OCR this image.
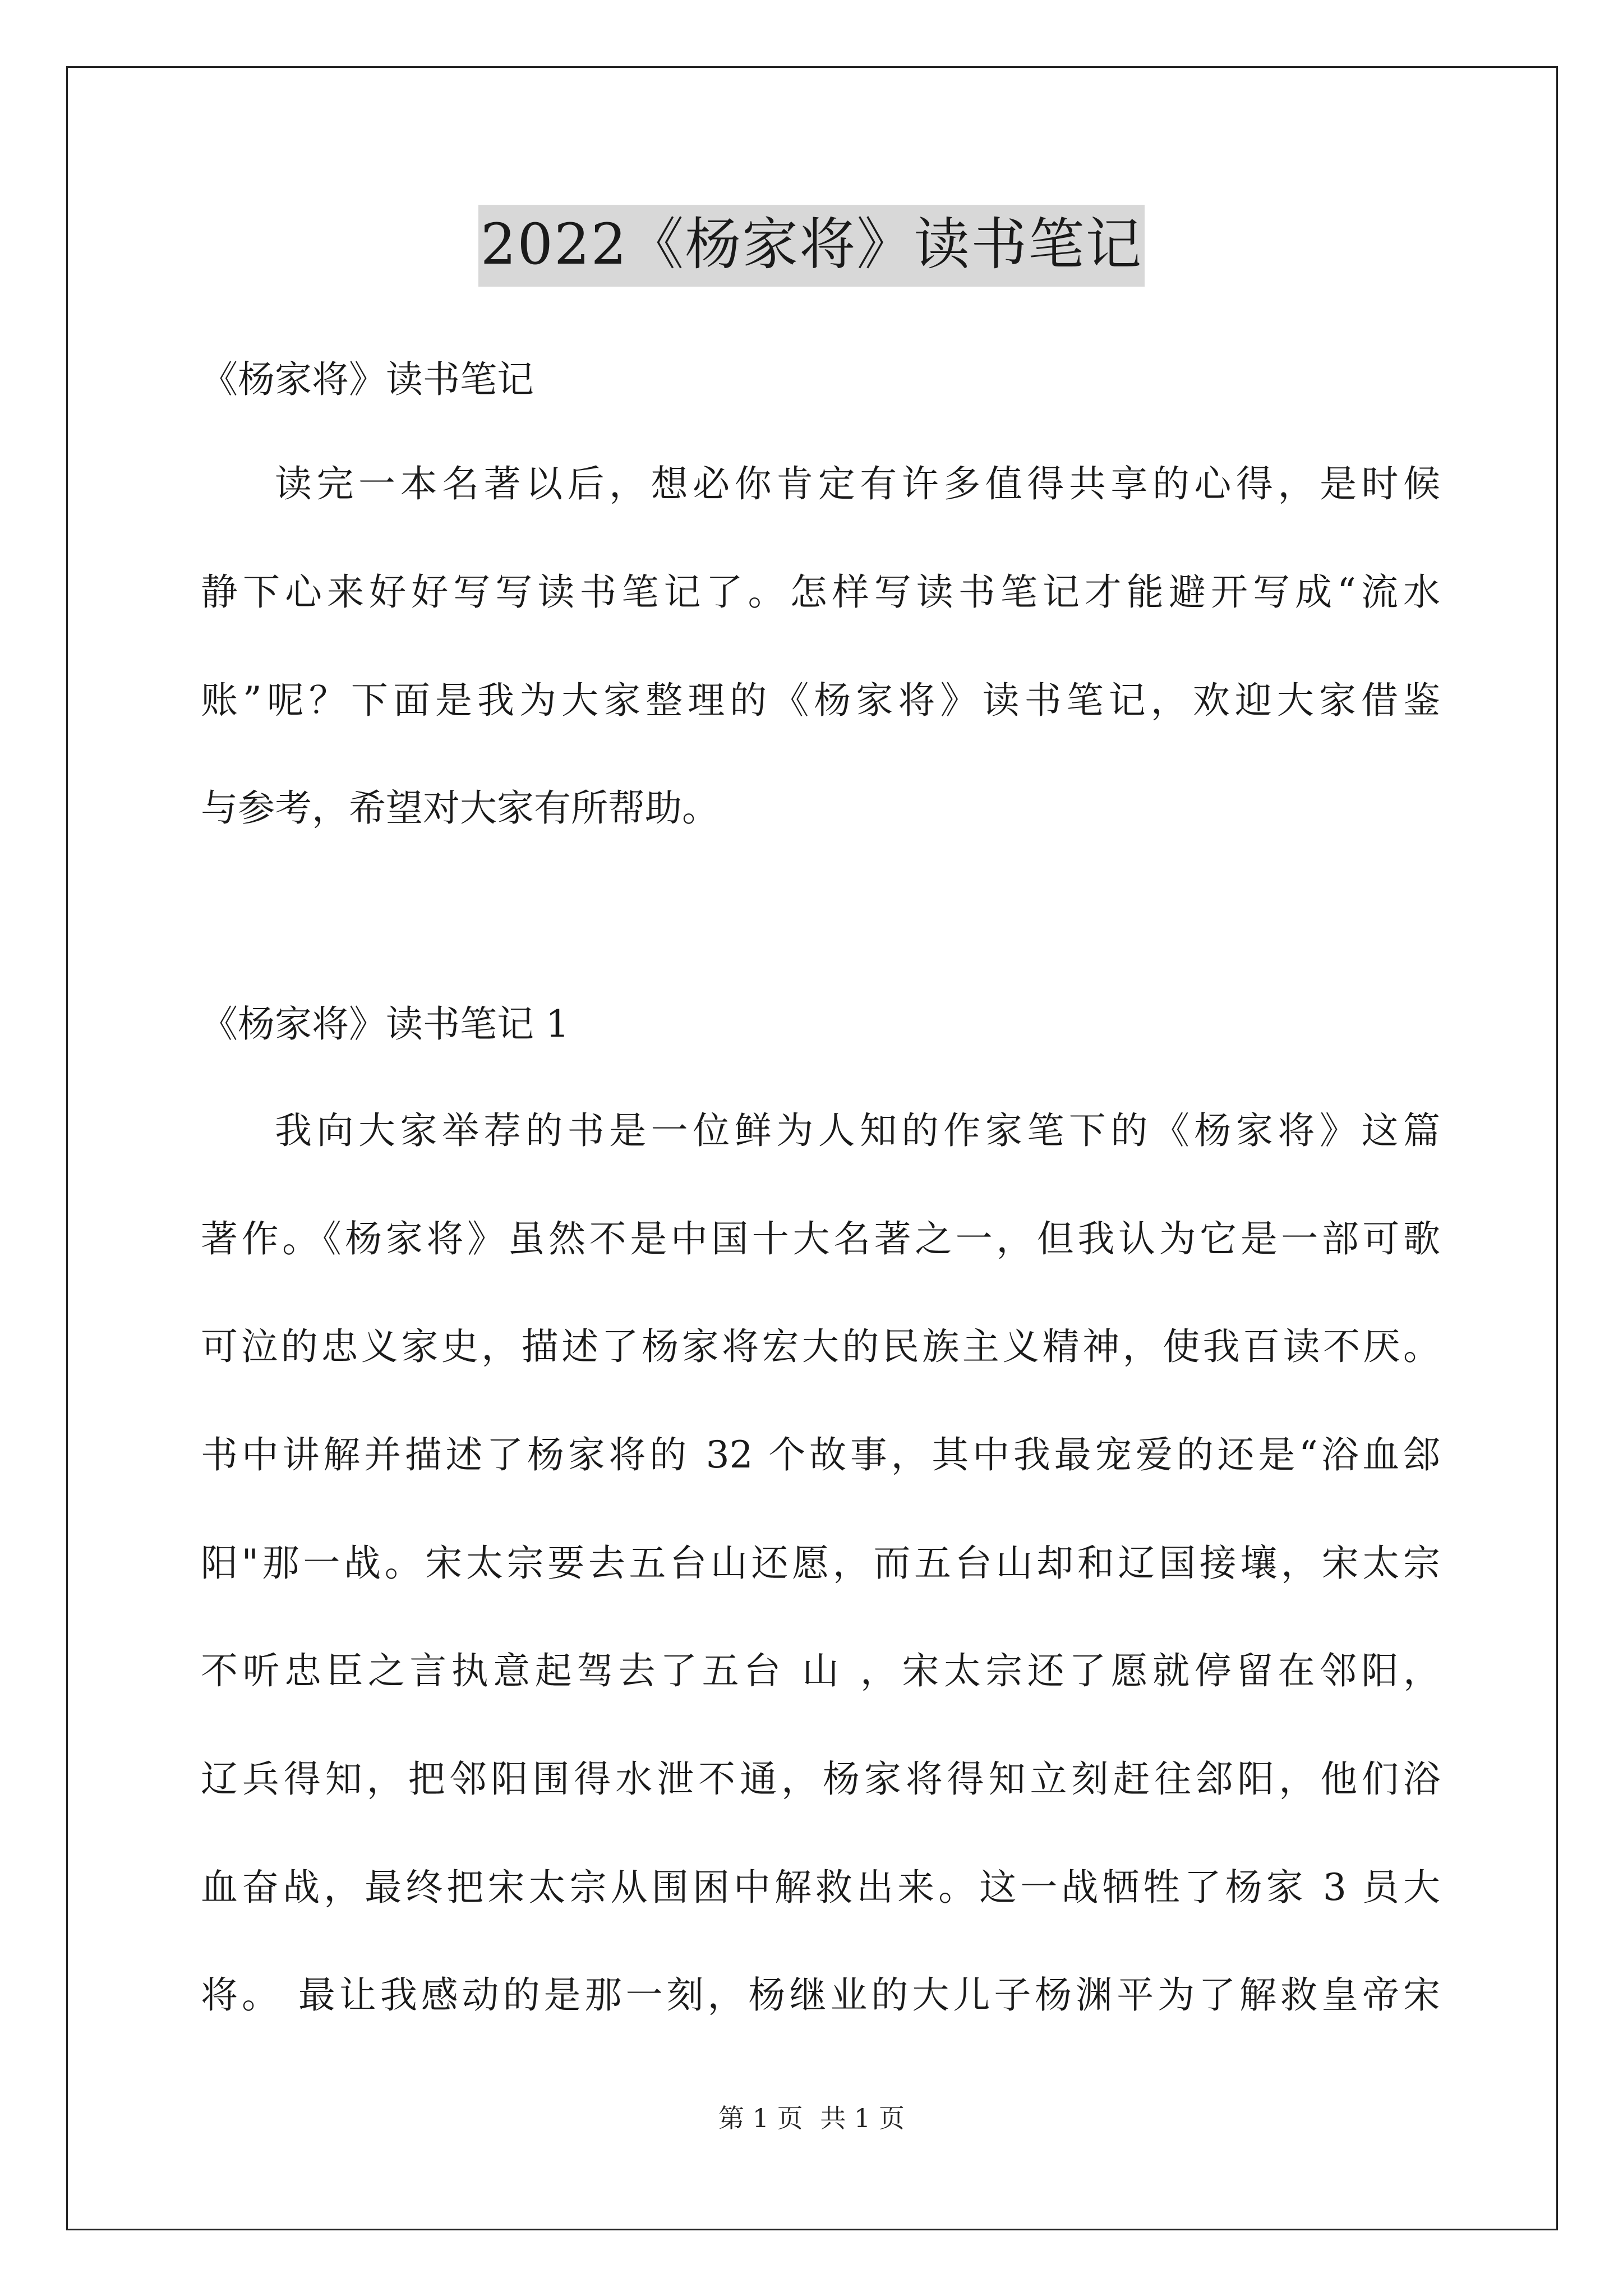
2022《杨家将》读书笔记
《杨家将》读书笔记
读完一本名著以后，想必你肯定有许多值得共享的心得，是时候
静下心来好好写写读书笔记了。怎样写读书笔记才能避开写成“流水
账”呢？下面是我为大家整理的《杨家将》读书笔记，欢迎大家借鉴
与参考，希望对大家有所帮助。
《杨家将》读书笔记 1
我向大家举荐的书是一位鲜为人知的作家笔下的《杨家将》这篇
著作。《杨家将》虽然不是中国十大名著之一，但我认为它是一部可歌
可泣的忠义家史，描述了杨家将宏大的民族主义精神，使我百读不厌。
书中讲解并描述了杨家将的 32 个故事，其中我最宠爱的还是“浴血郐
阳"那一战。宋太宗要去五台山还愿，而五台山却和辽国接壤，宋太宗
不听忠臣之言执意起驾去了五台 山 ，宋太宗还了愿就停留在邻阳，
辽兵得知，把邻阳围得水泄不通，杨家将得知立刻赶往郐阳，他们浴
血奋战，最终把宋太宗从围困中解救出来。这一战牺牲了杨家 3 员大
将。 最让我感动的是那一刻，杨继业的大儿子杨渊平为了解救皇帝宋
第 1 页 共 1 页
